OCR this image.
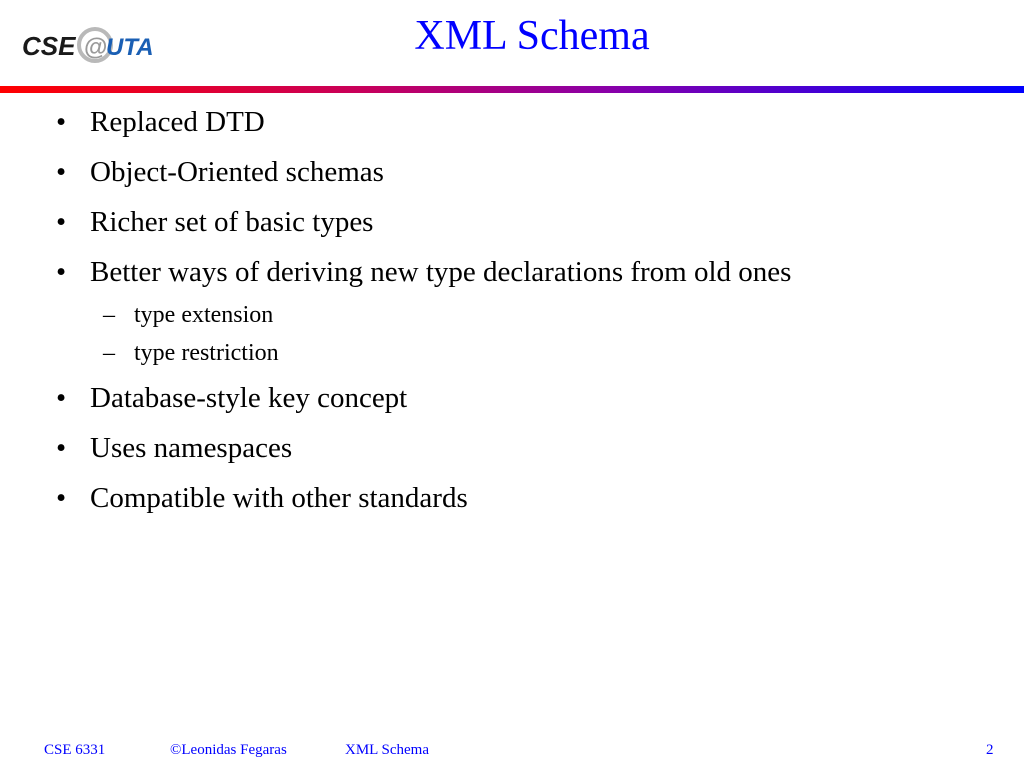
CSE @
UTA	XML Schema
• Replaced DTD
• Object-Oriented schemas
• Richer set of basic types
• Better ways of deriving new type declarations from old ones
– type extension
– type restriction
• Database-style key concept
• Uses namespaces
• Compatible with other standards
CSE 6331	©Leonidas Fegaras	XML Schema	2
